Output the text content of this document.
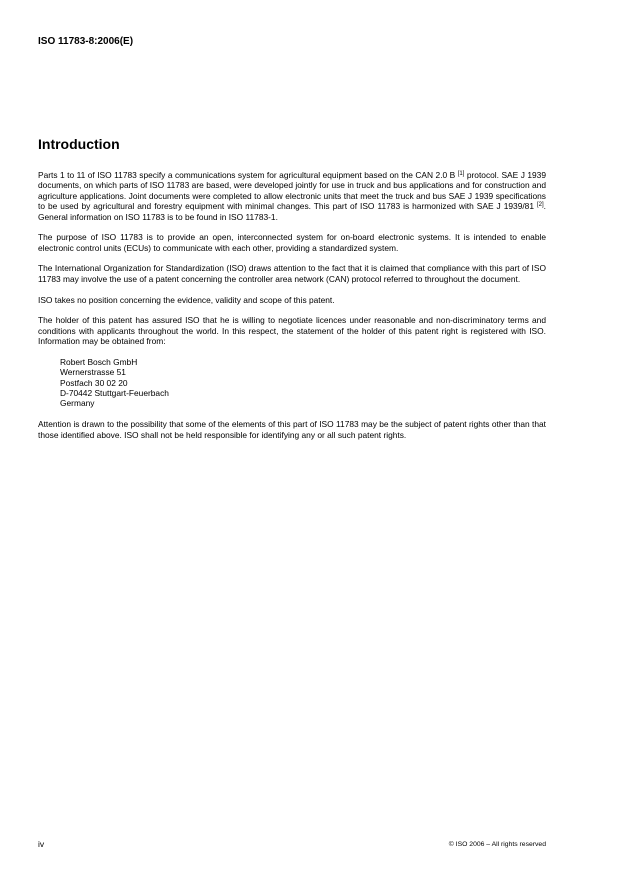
ISO 11783-8:2006(E)
Introduction

Parts 1 to 11 of ISO 11783 specify a communications system for agricultural equipment based on the CAN 2.0 B [1] protocol. SAE J 1939 documents, on which parts of ISO 11783 are based, were developed jointly for use in truck and bus applications and for construction and agriculture applications. Joint documents were completed to allow electronic units that meet the truck and bus SAE J 1939 specifications to be used by agricultural and forestry equipment with minimal changes. This part of ISO 11783 is harmonized with SAE J 1939/81 [2]. General information on ISO 11783 is to be found in ISO 11783-1.

The purpose of ISO 11783 is to provide an open, interconnected system for on-board electronic systems. It is intended to enable electronic control units (ECUs) to communicate with each other, providing a standardized system.

The International Organization for Standardization (ISO) draws attention to the fact that it is claimed that compliance with this part of ISO 11783 may involve the use of a patent concerning the controller area network (CAN) protocol referred to throughout the document.

ISO takes no position concerning the evidence, validity and scope of this patent.

The holder of this patent has assured ISO that he is willing to negotiate licences under reasonable and non-discriminatory terms and conditions with applicants throughout the world. In this respect, the statement of the holder of this patent right is registered with ISO. Information may be obtained from:

Robert Bosch GmbH
Wernerstrasse 51
Postfach 30 02 20
D-70442 Stuttgart-Feuerbach
Germany

Attention is drawn to the possibility that some of the elements of this part of ISO 11783 may be the subject of patent rights other than that those identified above. ISO shall not be held responsible for identifying any or all such patent rights.

iv	© ISO 2006 – All rights reserved
